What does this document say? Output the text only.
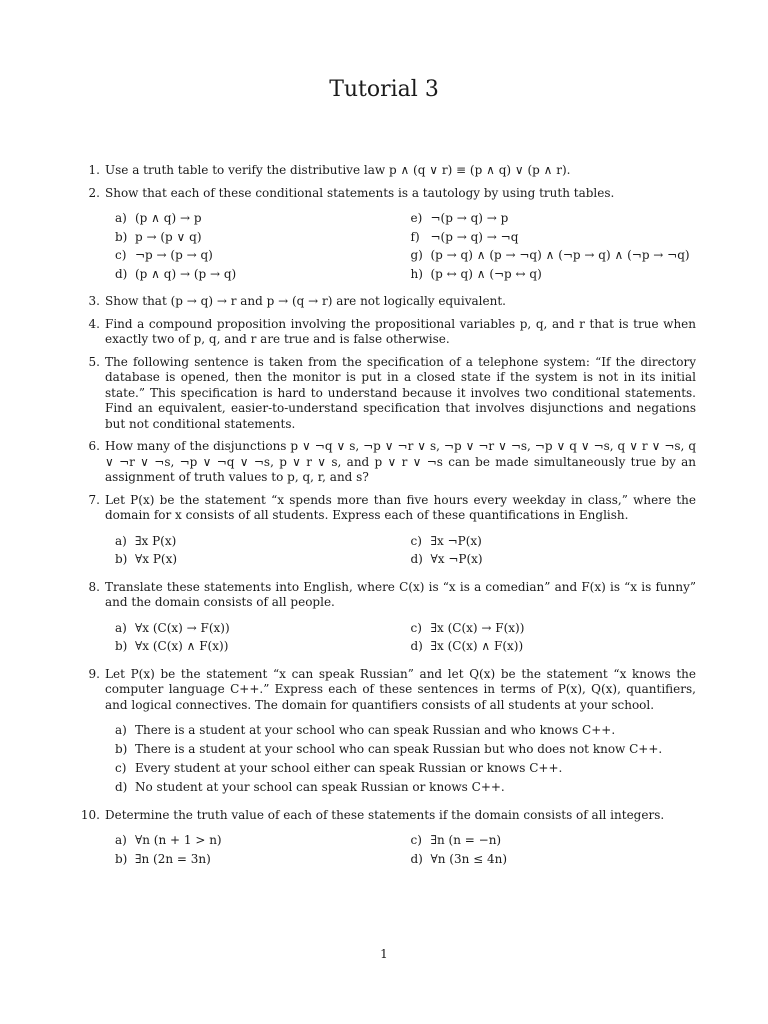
Tutorial 3
1. Use a truth table to verify the distributive law p ∧ (q ∨ r) ≡ (p ∧ q) ∨ (p ∧ r).
2. Show that each of these conditional statements is a tautology by using truth tables.
a) (p ∧ q) → p	e) ¬(p → q) → p
b) p → (p ∨ q)	f) ¬(p → q) → ¬q
c) ¬p → (p → q)	g) (p → q) ∧ (p → ¬q) ∧ (¬p → q) ∧ (¬p → ¬q)
d) (p ∧ q) → (p → q)	h) (p ↔ q) ∧ (¬p ↔ q)
3. Show that (p → q) → r and p → (q → r) are not logically equivalent.
4. Find a compound proposition involving the propositional variables p, q, and r that is true when exactly two of p, q, and r are true and is false otherwise.
5. The following sentence is taken from the specification of a telephone system: “If the directory database is opened, then the monitor is put in a closed state if the system is not in its initial state.” This specification is hard to understand because it involves two conditional statements. Find an equivalent, easier-to-understand specification that involves disjunctions and negations but not conditional statements.
6. How many of the disjunctions p ∨ ¬q ∨ s, ¬p ∨ ¬r ∨ s, ¬p ∨ ¬r ∨ ¬s, ¬p ∨ q ∨ ¬s, q ∨ r ∨ ¬s, q ∨ ¬r ∨ ¬s, ¬p ∨ ¬q ∨ ¬s, p ∨ r ∨ s, and p ∨ r ∨ ¬s can be made simultaneously true by an assignment of truth values to p, q, r, and s?
7. Let P(x) be the statement “x spends more than five hours every weekday in class,” where the domain for x consists of all students. Express each of these quantifications in English.
a) ∃x P(x)	c) ∃x ¬P(x)
b) ∀x P(x)	d) ∀x ¬P(x)
8. Translate these statements into English, where C(x) is “x is a comedian” and F(x) is “x is funny” and the domain consists of all people.
a) ∀x (C(x) → F(x))	c) ∃x (C(x) → F(x))
b) ∀x (C(x) ∧ F(x))	d) ∃x (C(x) ∧ F(x))
9. Let P(x) be the statement “x can speak Russian” and let Q(x) be the statement “x knows the computer language C++.” Express each of these sentences in terms of P(x), Q(x), quantifiers, and logical connectives. The domain for quantifiers consists of all students at your school.
a) There is a student at your school who can speak Russian and who knows C++.
b) There is a student at your school who can speak Russian but who does not know C++.
c) Every student at your school either can speak Russian or knows C++.
d) No student at your school can speak Russian or knows C++.
10. Determine the truth value of each of these statements if the domain consists of all integers.
a) ∀n (n + 1 > n)	c) ∃n (n = −n)
b) ∃n (2n = 3n)	d) ∀n (3n ≤ 4n)
1
